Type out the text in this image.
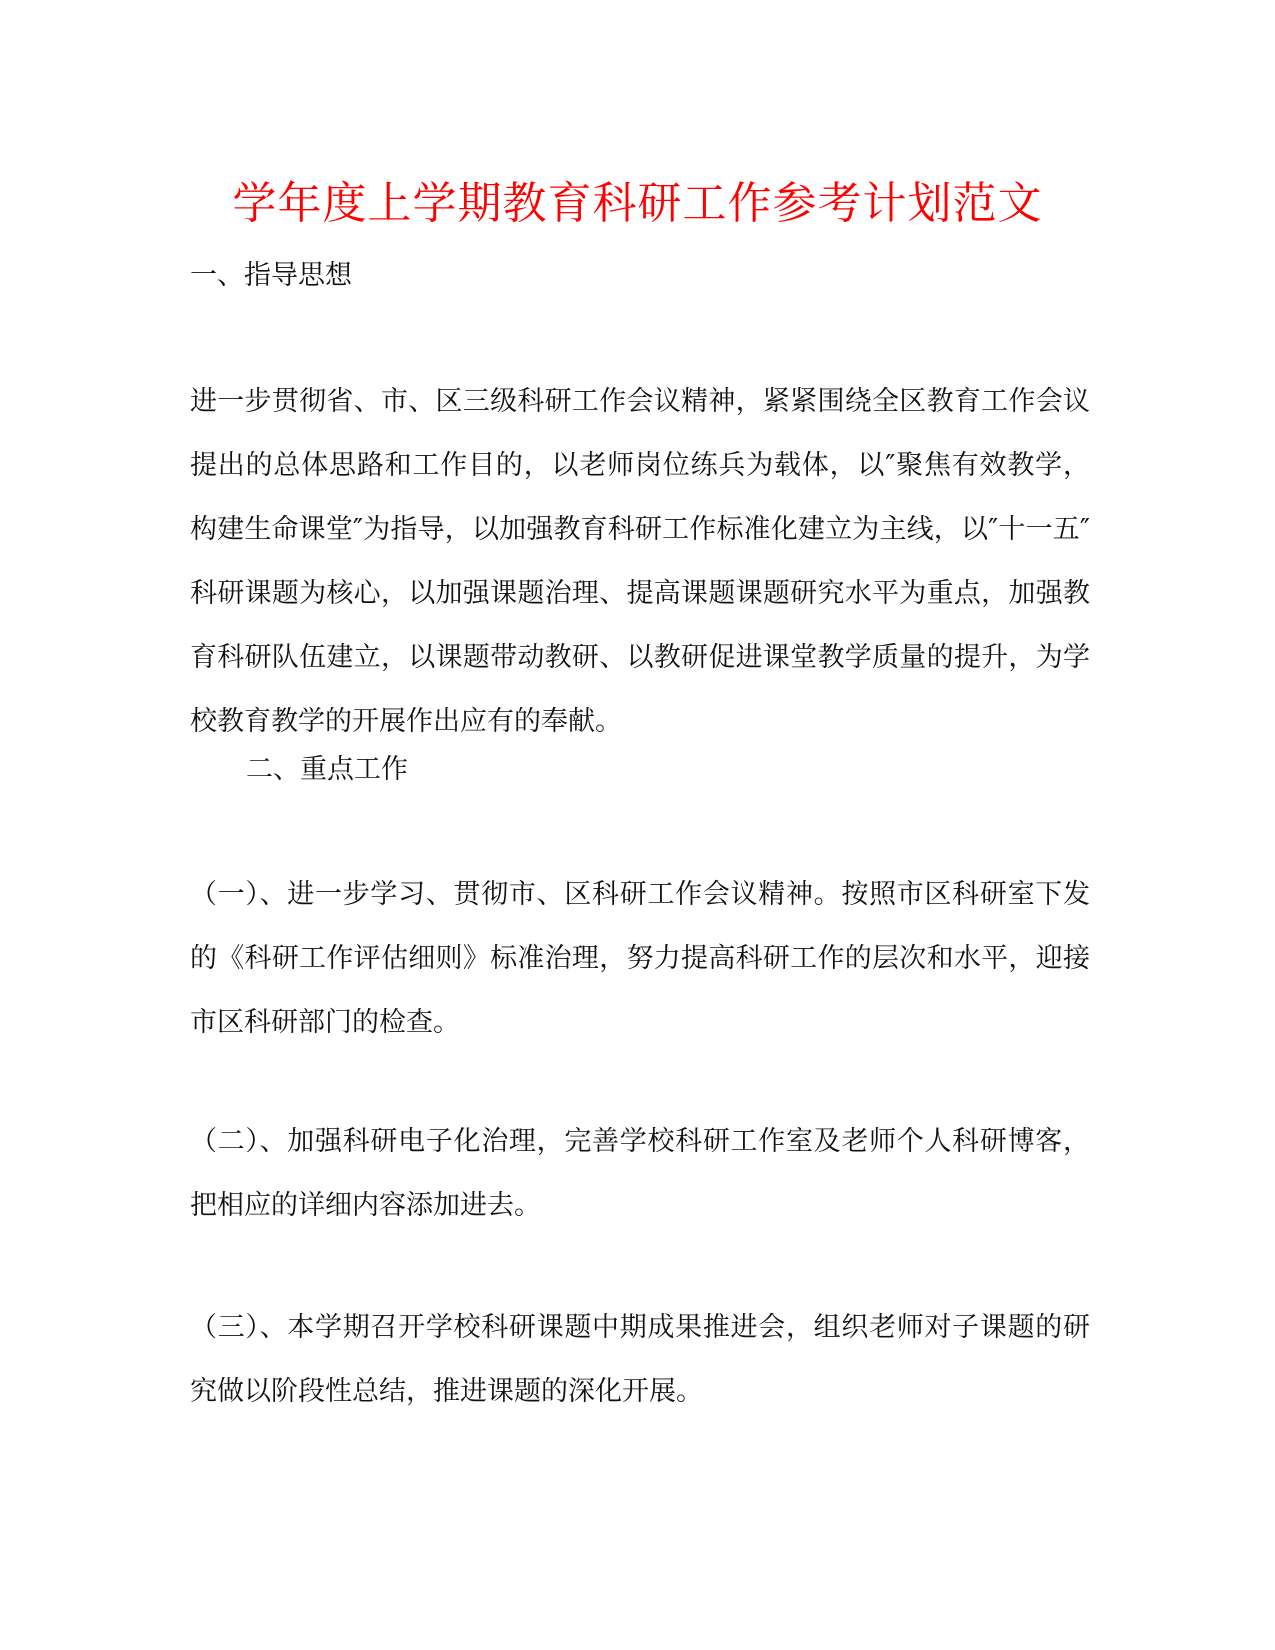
学年度上学期教育科研工作参考计划范文

一、指导思想

进一步贯彻省、市、区三级科研工作会议精神，紧紧围绕全区教育工作会议提出的总体思路和工作目的，以老师岗位练兵为载体，以″聚焦有效教学，构建生命课堂″为指导，以加强教育科研工作标准化建立为主线，以″十一五″科研课题为核心，以加强课题治理、提高课题课题研究水平为重点，加强教育科研队伍建立，以课题带动教研、以教研促进课堂教学质量的提升，为学校教育教学的开展作出应有的奉献。

二、重点工作

（一）、进一步学习、贯彻市、区科研工作会议精神。按照市区科研室下发的《科研工作评估细则》标准治理，努力提高科研工作的层次和水平，迎接市区科研部门的检查。

（二）、加强科研电子化治理，完善学校科研工作室及老师个人科研博客，把相应的详细内容添加进去。

（三）、本学期召开学校科研课题中期成果推进会，组织老师对子课题的研究做以阶段性总结，推进课题的深化开展。
